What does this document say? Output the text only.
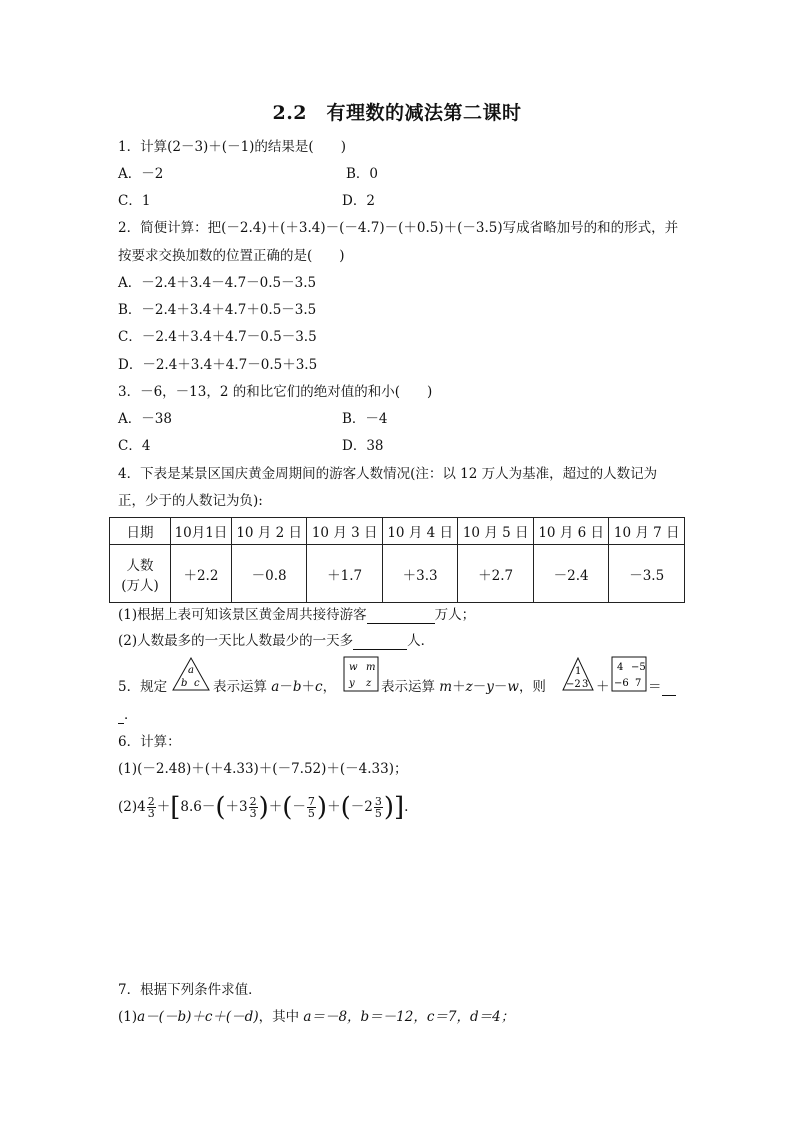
2.2　有理数的减法第二课时
1．计算(2－3)＋(－1)的结果是(　　)
A．－2	B．0
C．1	D．2
2．简便计算：把(－2.4)＋(＋3.4)－(－4.7)－(＋0.5)＋(－3.5)写成省略加号的和的形式，并
按要求交换加数的位置正确的是(　　)
A．－2.4＋3.4－4.7－0.5－3.5
B．－2.4＋3.4＋4.7＋0.5－3.5
C．－2.4＋3.4＋4.7－0.5－3.5
D．－2.4＋3.4＋4.7－0.5＋3.5
3．－6，－13，2 的和比它们的绝对值的和小(　　)
A．－38	B．－4
C．4	D．38
4．下表是某景区国庆黄金周期间的游客人数情况(注：以 12 万人为基准，超过的人数记为
正，少于的人数记为负):
日期	10月1日	10 月 2 日	10 月 3 日	10 月 4 日	10 月 5 日	10 月 6 日	10 月 7 日

人数
(万人)	＋2.2	－0.8	＋1.7	＋3.3	＋2.7	－2.4	－3.5
(1)根据上表可知该景区黄金周共接待游客	万人；
(2)人数最多的一天比人数最少的一天多	人．
5．规定
a
b c 表示运算 a－b＋c，
w m
y z 表示运算 m＋z－y－w，则
1
−2 3 ＋
4 −5
−6 7 ＝
．
6．计算：
(1)(－2.48)＋(＋4.33)＋(－7.52)＋(－4.33)；
$(2)4 \frac{2}{3} +[8.6-(+3 \frac{2}{3}$ )＋(－ $\frac{7}{5} )+(-2 \frac{3}{5}$ )].
7．根据下列条件求值．
(1)a－(－b)＋c＋(－d)，其中 a＝－8，b＝－12，c＝7，d＝4；
